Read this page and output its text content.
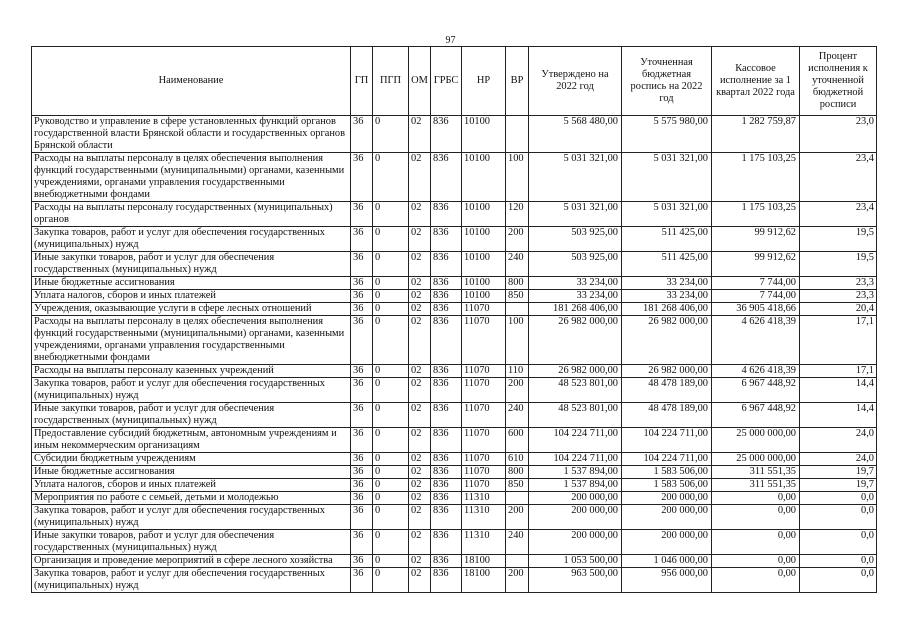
97
Наименование	ГП	ПГП	ОМ	ГРБС	НР	ВР	Утверждено на 2022 год	Уточненная бюджетная роспись на 2022 год	Кассовое исполнение за 1 квартал 2022 года	Процент исполнения к уточненной бюджетной росписи
Руководство и управление в сфере установленных функций органов государственной власти Брянской области и государственных органов Брянской области	36	0	02	836	10100		5 568 480,00	5 575 980,00	1 282 759,87	23,0
Расходы на выплаты персоналу в целях обеспечения выполнения функций государственными (муниципальными) органами, казенными учреждениями, органами управления государственными внебюджетными фондами	36	0	02	836	10100	100	5 031 321,00	5 031 321,00	1 175 103,25	23,4
Расходы на выплаты персоналу государственных (муниципальных) органов	36	0	02	836	10100	120	5 031 321,00	5 031 321,00	1 175 103,25	23,4
Закупка товаров, работ и услуг для обеспечения государственных (муниципальных) нужд	36	0	02	836	10100	200	503 925,00	511 425,00	99 912,62	19,5
Иные закупки товаров, работ и услуг для обеспечения государственных (муниципальных) нужд	36	0	02	836	10100	240	503 925,00	511 425,00	99 912,62	19,5
Иные бюджетные ассигнования	36	0	02	836	10100	800	33 234,00	33 234,00	7 744,00	23,3
Уплата налогов, сборов и иных платежей	36	0	02	836	10100	850	33 234,00	33 234,00	7 744,00	23,3
Учреждения, оказывающие услуги в сфере лесных отношений	36	0	02	836	11070		181 268 406,00	181 268 406,00	36 905 418,66	20,4
Расходы на выплаты персоналу в целях обеспечения выполнения функций государственными (муниципальными) органами, казенными учреждениями, органами управления государственными внебюджетными фондами	36	0	02	836	11070	100	26 982 000,00	26 982 000,00	4 626 418,39	17,1
Расходы на выплаты персоналу казенных учреждений	36	0	02	836	11070	110	26 982 000,00	26 982 000,00	4 626 418,39	17,1
Закупка товаров, работ и услуг для обеспечения государственных (муниципальных) нужд	36	0	02	836	11070	200	48 523 801,00	48 478 189,00	6 967 448,92	14,4
Иные закупки товаров, работ и услуг для обеспечения государственных (муниципальных) нужд	36	0	02	836	11070	240	48 523 801,00	48 478 189,00	6 967 448,92	14,4
Предоставление субсидий бюджетным, автономным учреждениям и иным некоммерческим организациям	36	0	02	836	11070	600	104 224 711,00	104 224 711,00	25 000 000,00	24,0
Субсидии бюджетным учреждениям	36	0	02	836	11070	610	104 224 711,00	104 224 711,00	25 000 000,00	24,0
Иные бюджетные ассигнования	36	0	02	836	11070	800	1 537 894,00	1 583 506,00	311 551,35	19,7
Уплата налогов, сборов и иных платежей	36	0	02	836	11070	850	1 537 894,00	1 583 506,00	311 551,35	19,7
Мероприятия по работе с семьей, детьми и молодежью	36	0	02	836	11310		200 000,00	200 000,00	0,00	0,0
Закупка товаров, работ и услуг для обеспечения государственных (муниципальных) нужд	36	0	02	836	11310	200	200 000,00	200 000,00	0,00	0,0
Иные закупки товаров, работ и услуг для обеспечения государственных (муниципальных) нужд	36	0	02	836	11310	240	200 000,00	200 000,00	0,00	0,0
Организация и проведение мероприятий в сфере лесного хозяйства	36	0	02	836	18100		1 053 500,00	1 046 000,00	0,00	0,0
Закупка товаров, работ и услуг для обеспечения государственных (муниципальных) нужд	36	0	02	836	18100	200	963 500,00	956 000,00	0,00	0,0
